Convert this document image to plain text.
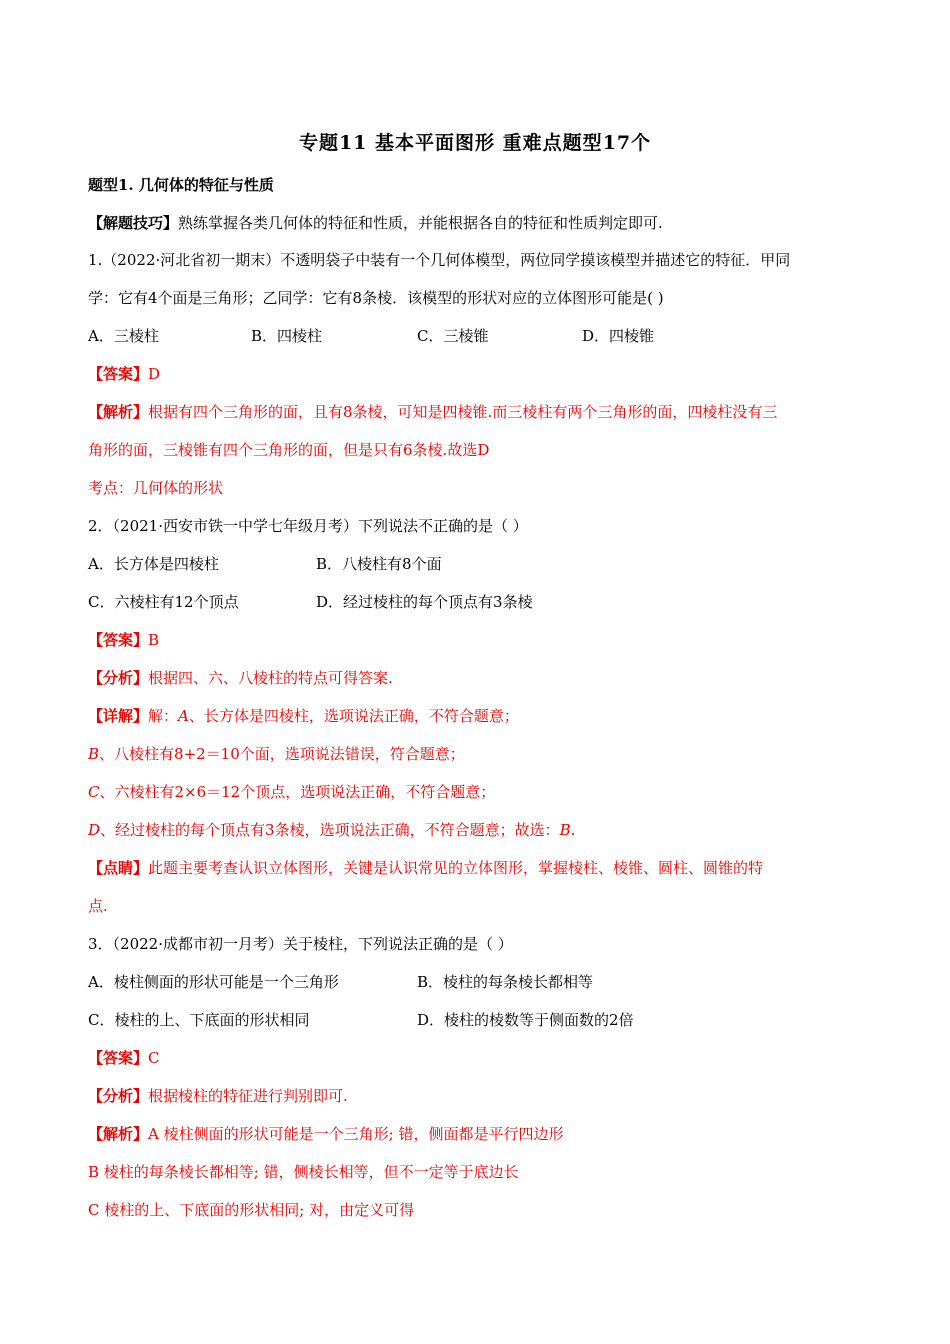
专题11 基本平面图形 重难点题型17个
题型1. 几何体的特征与性质
【解题技巧】熟练掌握各类几何体的特征和性质，并能根据各自的特征和性质判定即可.
1.（2022·河北省初一期末）不透明袋子中装有一个几何体模型，两位同学摸该模型并描述它的特征．甲同
学：它有4个面是三角形；乙同学：它有8条棱．该模型的形状对应的立体图形可能是( )
A．三棱柱	B．四棱柱	C．三棱锥	D．四棱锥
【答案】D
【解析】根据有四个三角形的面，且有8条棱，可知是四棱锥.而三棱柱有两个三角形的面，四棱柱没有三
角形的面，三棱锥有四个三角形的面，但是只有6条棱.故选D
考点：几何体的形状
2．（2021·西安市铁一中学七年级月考）下列说法不正确的是（ ）
A．长方体是四棱柱	B．八棱柱有8个面
C．六棱柱有12个顶点	D．经过棱柱的每个顶点有3条棱
【答案】B
【分析】根据四、六、八棱柱的特点可得答案.
【详解】解：A、长方体是四棱柱，选项说法正确，不符合题意；
B、八棱柱有8+2＝10个面，选项说法错误，符合题意；
C、六棱柱有2×6＝12个顶点，选项说法正确，不符合题意；
D、经过棱柱的每个顶点有3条棱，选项说法正确，不符合题意；故选：B.
【点睛】此题主要考查认识立体图形，关键是认识常见的立体图形，掌握棱柱、棱锥、圆柱、圆锥的特
点.
3．（2022·成都市初一月考）关于棱柱，下列说法正确的是（ ）
A．棱柱侧面的形状可能是一个三角形	B．棱柱的每条棱长都相等
C．棱柱的上、下底面的形状相同	D．棱柱的棱数等于侧面数的2倍
【答案】C
【分析】根据棱柱的特征进行判别即可.
【解析】A 棱柱侧面的形状可能是一个三角形; 错，侧面都是平行四边形
B 棱柱的每条棱长都相等; 错，侧棱长相等，但不一定等于底边长
C 棱柱的上、下底面的形状相同; 对，由定义可得
